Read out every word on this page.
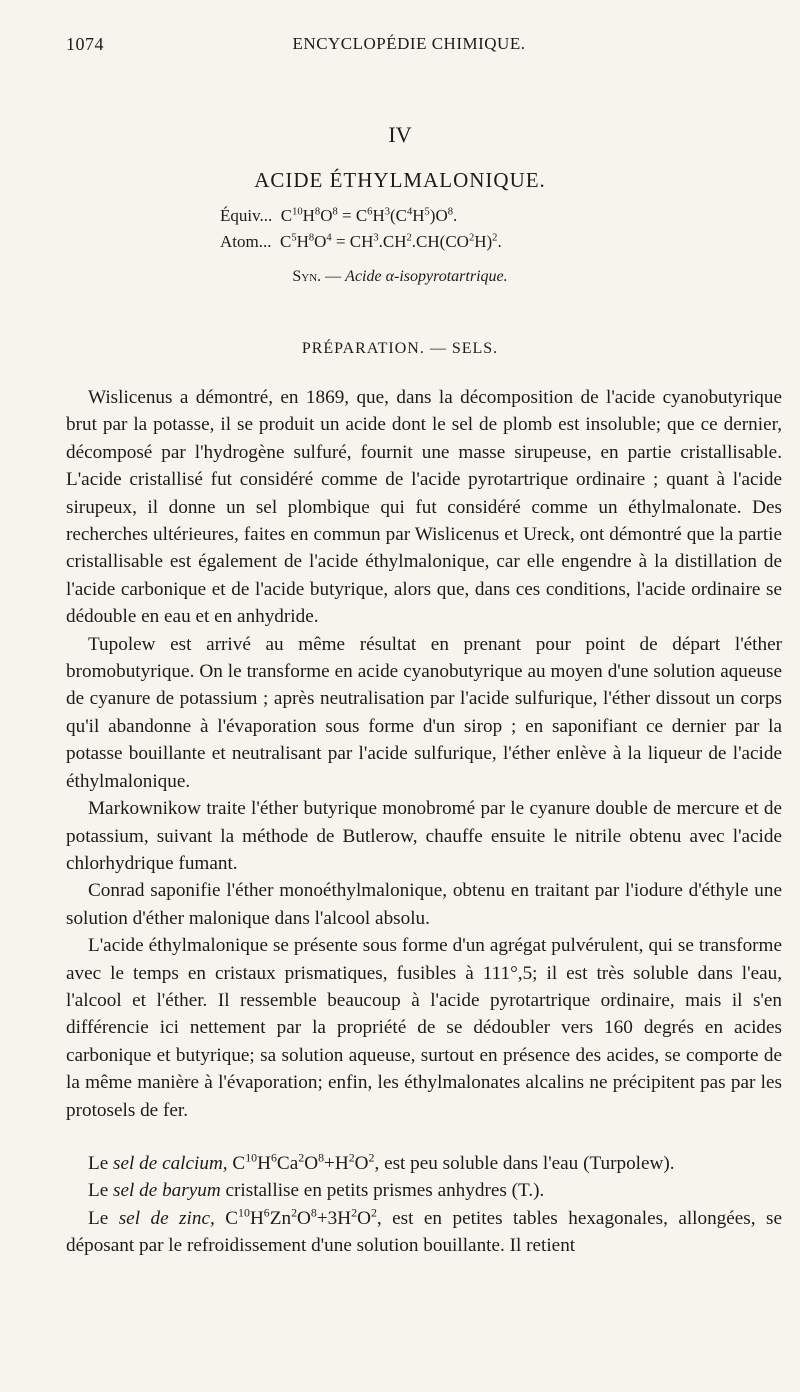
1074	ENCYCLOPÉDIE CHIMIQUE.
IV
ACIDE ÉTHYLMALONIQUE.
Équiv...  $C^{10}H^8O^8 = C^6H^3(C^4H^5)O^8$.
Atom...  $C^5H^8O^4 = CH^3.CH^2.CH(CO^2H)^2$.
Syn. — Acide α-isopyrotartrique.
PRÉPARATION. — SELS.

Wislicenus a démontré, en 1869, que, dans la décomposition de l'acide cyanobutyrique brut par la potasse, il se produit un acide dont le sel de plomb est insoluble; que ce dernier, décomposé par l'hydrogène sulfuré, fournit une masse sirupeuse, en partie cristallisable. L'acide cristallisé fut considéré comme de l'acide pyrotartrique ordinaire ; quant à l'acide sirupeux, il donne un sel plombique qui fut considéré comme un éthylmalonate. Des recherches ultérieures, faites en commun par Wislicenus et Ureck, ont démontré que la partie cristallisable est également de l'acide éthylmalonique, car elle engendre à la distillation de l'acide carbonique et de l'acide butyrique, alors que, dans ces conditions, l'acide ordinaire se dédouble en eau et en anhydride.

Tupolew est arrivé au même résultat en prenant pour point de départ l'éther bromobutyrique. On le transforme en acide cyanobutyrique au moyen d'une solution aqueuse de cyanure de potassium ; après neutralisation par l'acide sulfurique, l'éther dissout un corps qu'il abandonne à l'évaporation sous forme d'un sirop ; en saponifiant ce dernier par la potasse bouillante et neutralisant par l'acide sulfurique, l'éther enlève à la liqueur de l'acide éthylmalonique.

Markownikow traite l'éther butyrique monobromé par le cyanure double de mercure et de potassium, suivant la méthode de Butlerow, chauffe ensuite le nitrile obtenu avec l'acide chlorhydrique fumant.

Conrad saponifie l'éther monoéthylmalonique, obtenu en traitant par l'iodure d'éthyle une solution d'éther malonique dans l'alcool absolu.

L'acide éthylmalonique se présente sous forme d'un agrégat pulvérulent, qui se transforme avec le temps en cristaux prismatiques, fusibles à 111°,5; il est très soluble dans l'eau, l'alcool et l'éther. Il ressemble beaucoup à l'acide pyrotartrique ordinaire, mais il s'en différencie ici nettement par la propriété de se dédoubler vers 160 degrés en acides carbonique et butyrique; sa solution aqueuse, surtout en présence des acides, se comporte de la même manière à l'évaporation; enfin, les éthylmalonates alcalins ne précipitent pas par les protosels de fer.

Le sel de calcium, $C^{10}H^6Ca^2O^8+H^2O^2$, est peu soluble dans l'eau (Turpolew).

Le sel de baryum cristallise en petits prismes anhydres (T.).

Le sel de zinc, $C^{10}H^6Zn^2O^8+3H^2O^2$, est en petites tables hexagonales, allongées, se déposant par le refroidissement d'une solution bouillante. Il retient
